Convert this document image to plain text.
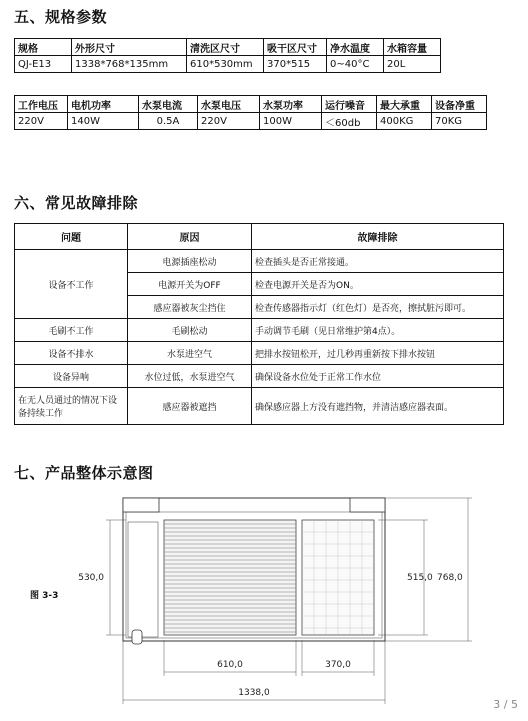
五、规格参数
规格	外形尺寸	清洗区尺寸	吸干区尺寸	净水温度	水箱容量
QJ-E13	1338*768*135mm	610*530mm	370*515	0~40°C	20L
工作电压	电机功率	水泵电流	水泵电压	水泵功率	运行噪音	最大承重	设备净重
220V	140W	0.5A	220V	100W	＜60db	400KG	70KG
六、常见故障排除
问题	原因	故障排除
设备不工作	电源插座松动	检查插头是否正常接通。
	电源开关为OFF	检查电源开关是否为ON。
	感应器被灰尘挡住	检查传感器指示灯（红色灯）是否亮，擦拭脏污即可。
毛刷不工作	毛刷松动	手动调节毛刷（见日常维护第4点）。
设备不排水	水泵进空气	把排水按钮松开，过几秒再重新按下排水按钮
设备异响	水位过低，水泵进空气	确保设备水位处于正常工作水位
在无人员通过的情况下设备持续工作	感应器被遮挡	确保感应器上方没有遮挡物，并清洁感应器表面。
七、产品整体示意图
图 3-3
530,0	515,0 768,0
610,0	370,0
1338,0
3 / 5
